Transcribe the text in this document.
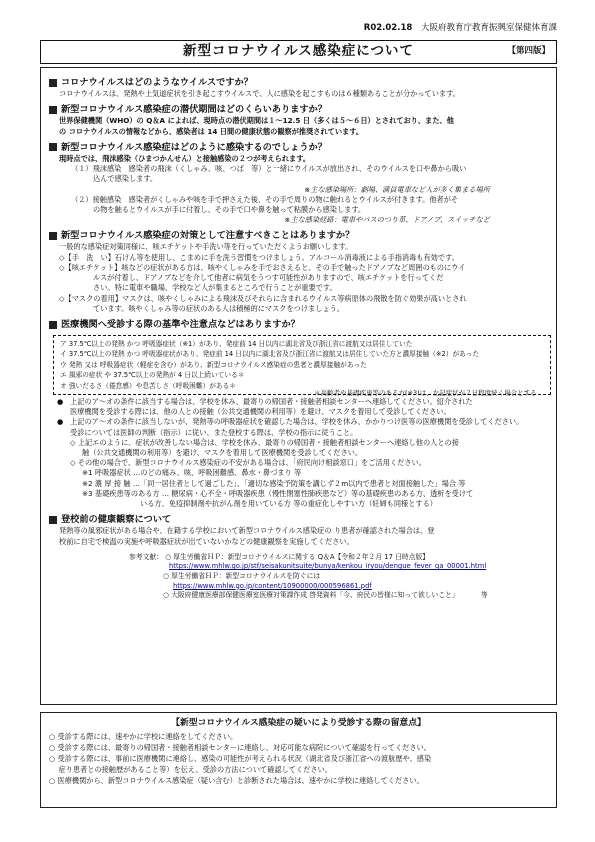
R02.02.18 大阪府教育庁教育振興室保健体育課
新型コロナウイルス感染症について	【第四版】
コロナウイルスはどのようなウイルスですか？
コロナウイルスは、発熱や上気道症状を引き起こすウイルスで、人に感染を起こすものは６種類あることが分かっています。
新型コロナウイルス感染症の潜伏期間はどのくらいありますか？
世界保健機関（WHO）の Q＆A によれば、現時点の潜伏期間は１～12.5 日（多くは５～６日）とされており、また、他
の コロナウイルスの情報などから、感染者は 14 日間の健康状態の観察が推奨されています。
新型コロナウイルス感染症はどのように感染するのでしょうか？
現時点では、飛沫感染（ひまつかんせん）と接触感染の２つが考えられます。
（１）飛沫感染　感染者の飛沫（くしゃみ、咳、つば　等）と一緒にウイルスが放出され、そのウイルスを口や鼻から吸い
込んで感染します。
※主な感染場所：劇場、満員電車など人が多く集まる場所
（２）接触感染　感染者がくしゃみや咳を手で押さえた後、その手で周りの物に触れるとウイルスが付きます。他者がそ
の物を触るとウイルスが手に付着し、その手で口や鼻を触って粘膜から感染します。
※主な感染経路：電車やバスのつり革、ドアノブ、スイッチなど
新型コロナウイルス感染症の対策として注意すべきことはありますか？
一般的な感染症対策同様に、咳エチケットや手洗い等を行っていただくようお願いします。
◇【手　洗　い】石けん等を使用し、こまめに手を洗う習慣をつけましょう。アルコール消毒液による手指消毒も有効です。
◇【咳エチケット】咳などの症状がある方は、咳やくしゃみを手でおさえると、その手で触ったドアノブなど周囲のものにウイ
ルスが付着し、ドアノブなどを介して他者に病気をうつす可能性がありますので、咳エチケットを行ってくだ
さい。特に電車や職場、学校など人が集まるところで行うことが重要です。
◇【マスクの着用】マスクは、咳やくしゃみによる飛沫及びそれらに含まれるウイルス等病原体の飛散を防ぐ効果が高いとされ
ています。咳やくしゃみ等の症状のある人は積極的にマスクをつけましょう。
医療機関へ受診する際の基準や注意点などはありますか？
ア 37.5℃以上の発熱 かつ 呼吸器症状（※1）があり、発症前 14 日以内に湖北省及び浙江省に渡航又は居住していた
イ 37.5℃以上の発熱 かつ 呼吸器症状があり、発症前 14 日以内に湖北省及び浙江省に渡航又は居住していた方と濃厚接触（※2）があった
ウ 発熱 又は 呼吸器症状（軽症を含む）があり、新型コロナウイルス感染症の患者と濃厚接触があった
エ 風邪の症状 や 37.5℃以上の発熱が 4 日以上続いている＊
オ 強いだるさ（倦怠感）や息苦しさ（呼吸困難）がある＊
＊高齢者や基礎疾患等のある方(※3)は、左記症状が２日程度続く場合とする
● 上記のア～オの条件に該当する場合は、学校を休み、最寄りの帰国者・接触者相談センターへ連絡してください。紹介された
医療機関を受診する際には、他の人との接触（公共交通機関の利用等）を避け、マスクを着用して受診してください。
● 上記のア～オの条件に該当しないが、発熱等の呼吸器症状を確認した場合は、学校を休み、かかりつけ医等の医療機関を受診してください。
受診については医師の判断（指示）に従い、また登校する際は、学校の指示に従うこと。
◇ 上記エのように、症状が改善しない場合は、学校を休み、最寄りの帰国者・接触者相談センターへ連絡し他の人との接
触（公共交通機関の利用等）を避け、マスクを着用して医療機関を受診してください。
◇ その他の場合で、新型コロナウイルス感染症の不安がある場合は、「府民向け相談窓口」をご活用ください。
※1 呼吸器症状 …のどの痛み、咳、呼吸困難感、鼻水・鼻づまり 等
※2 濃 厚 接 触 …「同一居住者として過ごした」、「適切な感染予防策を講じず２m以内で患者と対面接触した」場合 等
※3 基礎疾患等のある方 … 糖尿病・心不全・呼吸器疾患（慢性閉塞性肺疾患など）等の基礎疾患のある方、透析を受けて
いる方、免疫抑制剤や抗がん剤を用いている方 等の重症化しやすい方（妊婦も同様とする）
登校前の健康観察について
発熱等の風邪症状がある場合や、在籍する学校において新型コロナウイルス感染症の り患者が確認された場合は、登
校前に自宅で検温の実施や呼吸器症状が出ていないかなどの健康観察を実施してください。
参考文献： ○ 厚生労働省ＨＰ：新型コロナウイルスに関する Q＆A【令和２年２月 17 日時点版】
https://www.mhlw.go.jp/stf/seisakunitsuite/bunya/kenkou_iryou/dengue_fever_qa_00001.html
○ 厚生労働省ＨＰ：新型コロナウイルスを防ぐには
https://www.mhlw.go.jp/content/10900000/000596861.pdf
○ 大阪府健康医療部保健医療室医療対策課作成 啓発資料「今、府民の皆様に知って欲しいこと」	等
【新型コロナウイルス感染症の疑いにより受診する際の留意点】
○ 受診する際には、速やかに学校に連絡をしてください。
○ 受診する際には、最寄りの帰国者・接触者相談センターに連絡し、対応可能な病院について確認を行ってください。
○ 受診する際には、事前に医療機関に連絡し、感染の可能性が考えられる状況（湖北省及び浙江省への渡航歴や、感染
　 症り患者との接触歴があること等）を伝え、受診の方法について確認してください。
○ 医療機関から、新型コロナウイルス感染症（疑い含む）と診断された場合は、速やかに学校に連絡してください。
